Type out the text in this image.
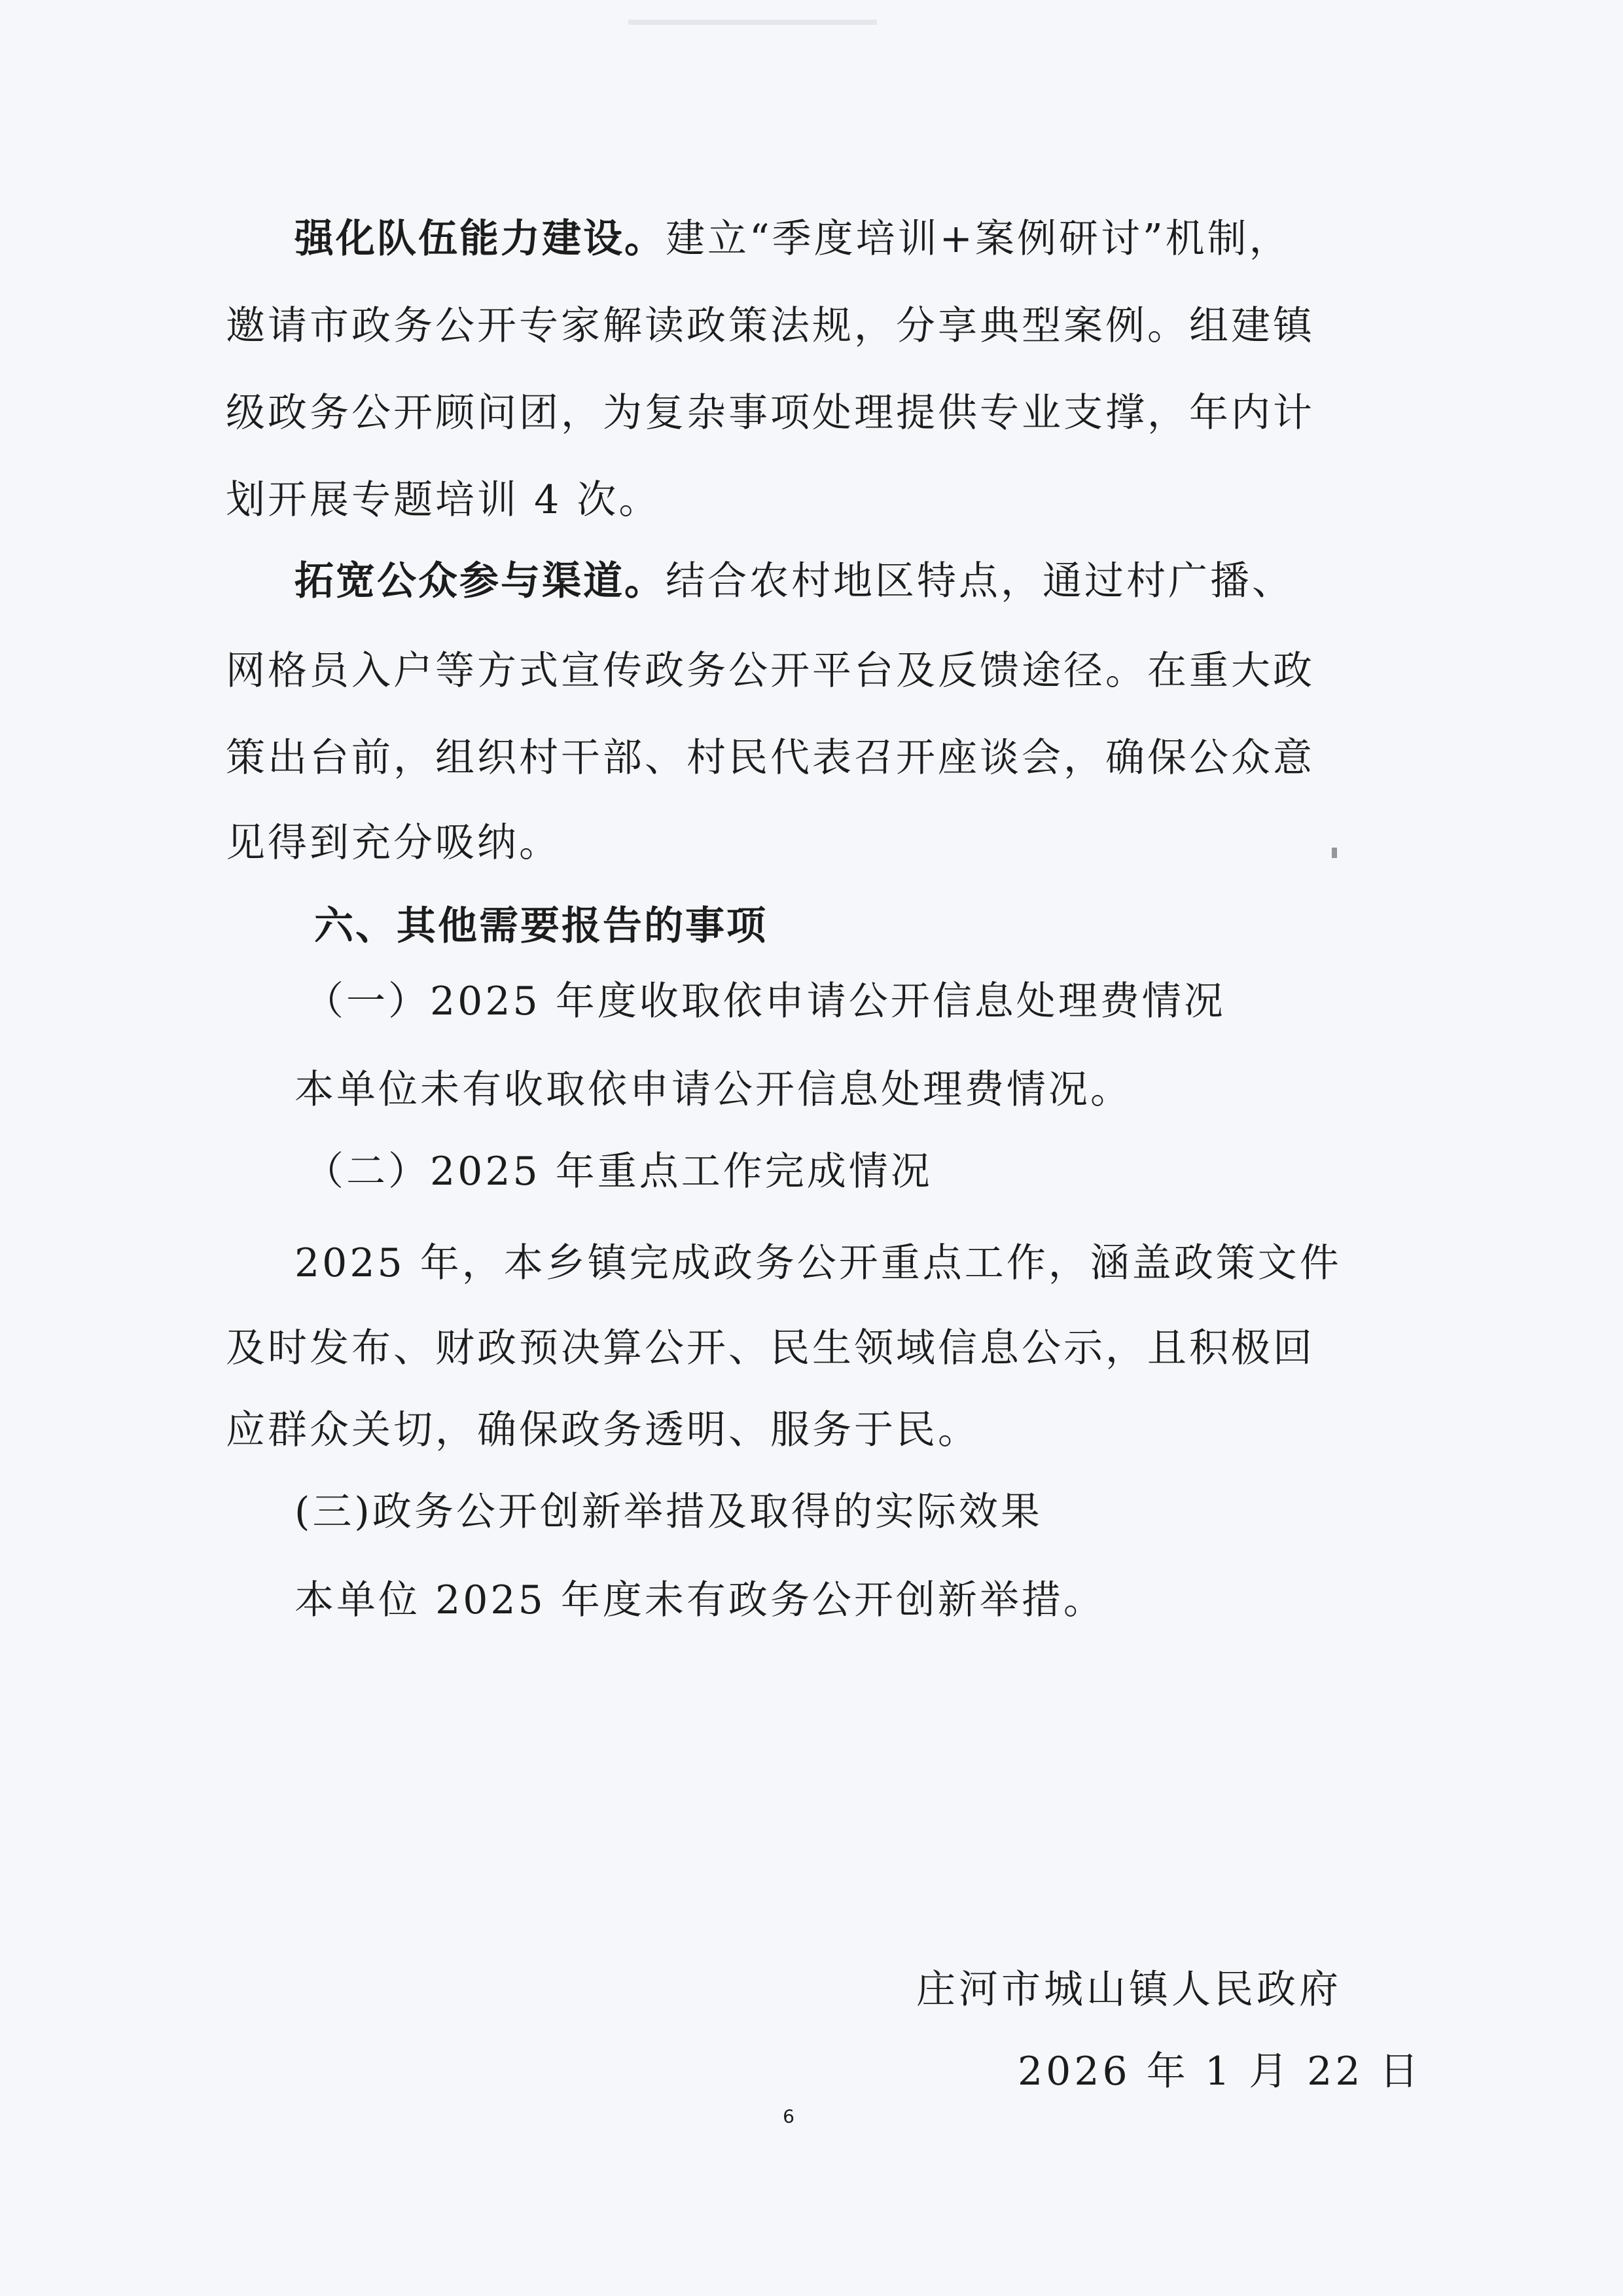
强化队伍能力建设。建立“季度培训+案例研讨”机制，
邀请市政务公开专家解读政策法规，分享典型案例。组建镇
级政务公开顾问团，为复杂事项处理提供专业支撑，年内计
划开展专题培训 4 次。
拓宽公众参与渠道。结合农村地区特点，通过村广播、
网格员入户等方式宣传政务公开平台及反馈途径。在重大政
策出台前，组织村干部、村民代表召开座谈会，确保公众意
见得到充分吸纳。
六、其他需要报告的事项
（一）2025 年度收取依申请公开信息处理费情况
本单位未有收取依申请公开信息处理费情况。
（二）2025 年重点工作完成情况
2025 年，本乡镇完成政务公开重点工作，涵盖政策文件
及时发布、财政预决算公开、民生领域信息公示，且积极回
应群众关切，确保政务透明、服务于民。
(三)政务公开创新举措及取得的实际效果
本单位 2025 年度未有政务公开创新举措。
庄河市城山镇人民政府
2026 年 1 月 22 日
6
